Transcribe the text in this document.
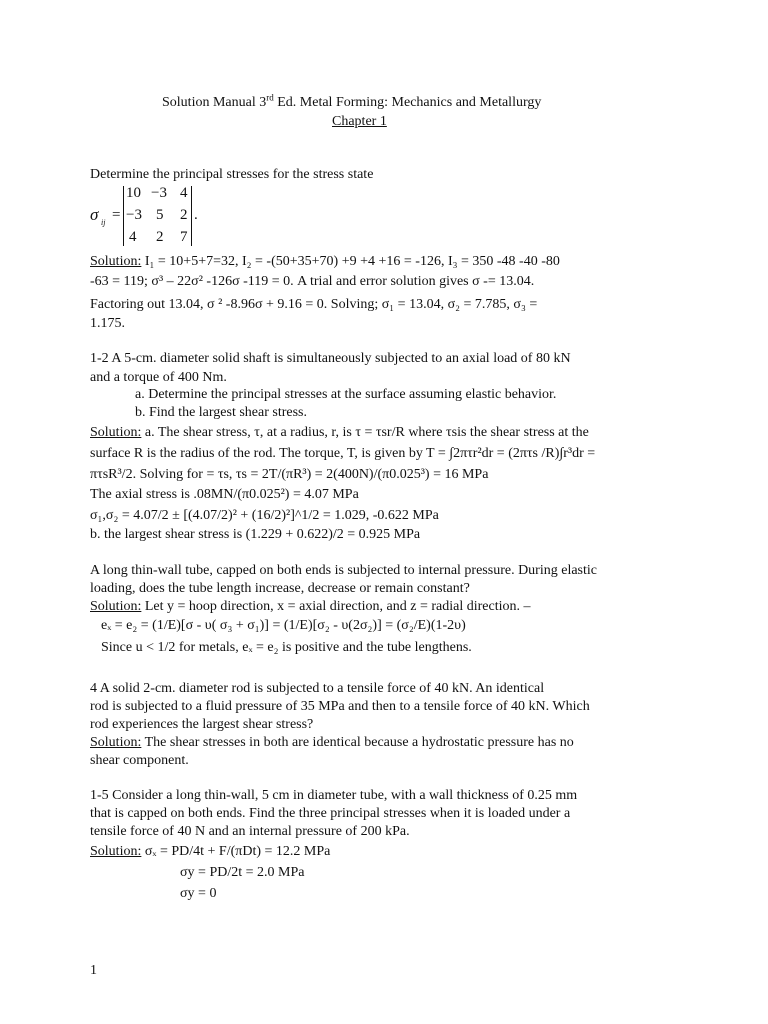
Solution Manual 3rd Ed. Metal Forming: Mechanics and Metallurgy
Chapter 1
Determine the principal stresses for the stress state
σ ij =
10 −3 4
−3 5 2
4 2 7
.
Solution: I₁ = 10+5+7=32, I₂ = -(50+35+70) +9 +4 +16 = -126, I₃ = 350 -48 -40 -80
-63 = 119; σ³ – 22σ² -126σ -119 = 0. A trial and error solution gives σ -= 13.04.
Factoring out 13.04, σ ² -8.96σ + 9.16 = 0. Solving; σ₁ = 13.04, σ₂ = 7.785, σ₃ =
1.175.
1-2 A 5-cm. diameter solid shaft is simultaneously subjected to an axial load of 80 kN
and a torque of 400 Nm.
a. Determine the principal stresses at the surface assuming elastic behavior.
b. Find the largest shear stress.
Solution: a. The shear stress, τ, at a radius, r, is τ = τsr/R where τsis the shear stress at the
surface R is the radius of the rod. The torque, T, is given by T = ∫2πτr²dr = (2πτs /R)∫r³dr =
πτsR³/2. Solving for = τs, τs = 2T/(πR³) = 2(400N)/(π0.025³) = 16 MPa
The axial stress is .08MN/(π0.025²) = 4.07 MPa
σ₁,σ₂ = 4.07/2 ± [(4.07/2)² + (16/2)²]^1/2 = 1.029, -0.622 MPa
b. the largest shear stress is (1.229 + 0.622)/2 = 0.925 MPa
A long thin-wall tube, capped on both ends is subjected to internal pressure. During elastic
loading, does the tube length increase, decrease or remain constant?
Solution: Let y = hoop direction, x = axial direction, and z = radial direction. –
eₓ = e₂ = (1/E)[σ - υ( σ₃ + σ₁)] = (1/E)[σ₂ - υ(2σ₂)] = (σ₂/E)(1-2υ)
Since u < 1/2 for metals, eₓ = e₂ is positive and the tube lengthens.
4 A solid 2-cm. diameter rod is subjected to a tensile force of 40 kN. An identical
rod is subjected to a fluid pressure of 35 MPa and then to a tensile force of 40 kN. Which
rod experiences the largest shear stress?
Solution: The shear stresses in both are identical because a hydrostatic pressure has no
shear component.
1-5 Consider a long thin-wall, 5 cm in diameter tube, with a wall thickness of 0.25 mm
that is capped on both ends. Find the three principal stresses when it is loaded under a
tensile force of 40 N and an internal pressure of 200 kPa.
Solution: σₓ = PD/4t + F/(πDt) = 12.2 MPa
σy = PD/2t = 2.0 MPa
σy = 0
1
